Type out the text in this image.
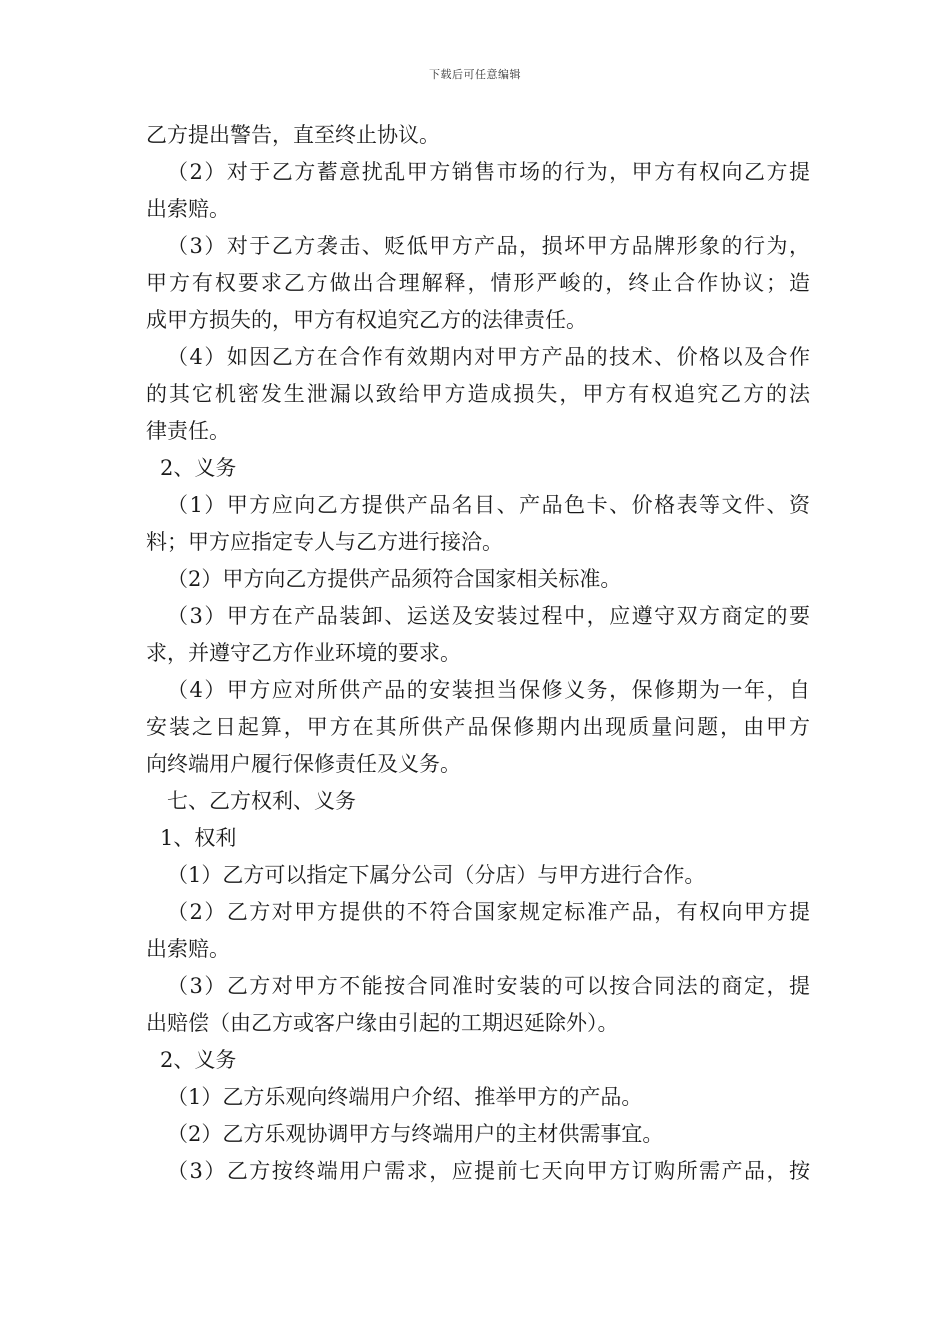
下载后可任意编辑
乙方提出警告，直至终止协议。
（2）对于乙方蓄意扰乱甲方销售市场的行为，甲方有权向乙方提
出索赔。
（3）对于乙方袭击、贬低甲方产品，损坏甲方品牌形象的行为，
甲方有权要求乙方做出合理解释，情形严峻的，终止合作协议；造
成甲方损失的，甲方有权追究乙方的法律责任。
（4）如因乙方在合作有效期内对甲方产品的技术、价格以及合作
的其它机密发生泄漏以致给甲方造成损失，甲方有权追究乙方的法
律责任。
2、义务
（1）甲方应向乙方提供产品名目、产品色卡、价格表等文件、资
料；甲方应指定专人与乙方进行接洽。
（2）甲方向乙方提供产品须符合国家相关标准。
（3）甲方在产品装卸、运送及安装过程中，应遵守双方商定的要
求，并遵守乙方作业环境的要求。
（4）甲方应对所供产品的安装担当保修义务，保修期为一年，自
安装之日起算，甲方在其所供产品保修期内出现质量问题，由甲方
向终端用户履行保修责任及义务。
七、乙方权利、义务
1、权利
（1）乙方可以指定下属分公司（分店）与甲方进行合作。
（2）乙方对甲方提供的不符合国家规定标准产品，有权向甲方提
出索赔。
（3）乙方对甲方不能按合同准时安装的可以按合同法的商定，提
出赔偿（由乙方或客户缘由引起的工期迟延除外）。
2、义务
（1）乙方乐观向终端用户介绍、推举甲方的产品。
（2）乙方乐观协调甲方与终端用户的主材供需事宜。
（3）乙方按终端用户需求，应提前七天向甲方订购所需产品，按
